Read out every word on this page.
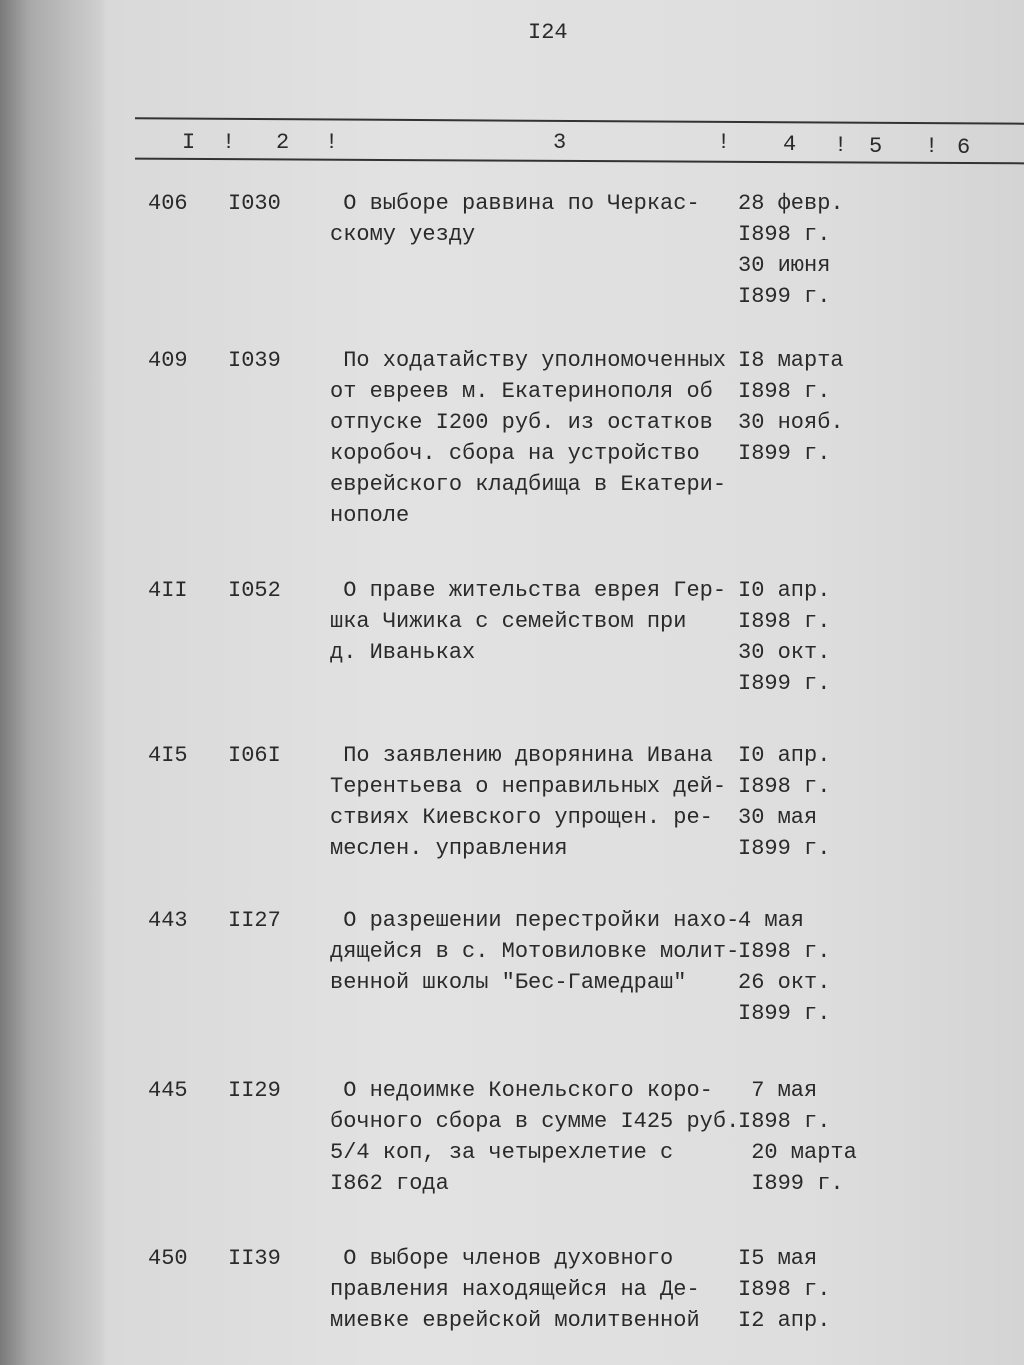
I24
I ! 2 !	3	! 4 ! 5 ! 6
406 I030 О выборе раввина по Черкас-
скому уезду
28 февр.
I898 г.
30 июня
I899 г.
409 I039 По ходатайству уполномоченных
от евреев м. Екатеринополя об
отпуске I200 руб. из остатков
коробоч. сбора на устройство
еврейского кладбища в Екатери-
нополе
I8 марта
I898 г.
30 нояб.
I899 г.
4II I052 О праве жительства еврея Гер-
шка Чижика с семейством при
д. Иванькax
I0 апр.
I898 г.
30 окт.
I899 г.
4I5 I06I По заявлению дворянина Ивана
Терентьева о неправильных дей-
ствиях Киевского упрощен. ре-
меслен. управления
I0 апр.
I898 г.
30 мая
I899 г.
443 II27 О разрешении перестройки нахо-
дящейся в с. Мотовиловке молит-
венной школы "Бес-Гамедраш"
4 мая
I898 г.
26 окт.
I899 г.
445 II29 О недоимке Конельского коро-
бочного сбора в сумме I425 руб.
5/4 коп, за четырехлетие с
I862 года
7 мая
I898 г.
20 марта
I899 г.
450 II39 О выборе членов духовного
правления находящейся на Де-
миевке еврейской молитвенной
I5 мая
I898 г.
I2 апр.
